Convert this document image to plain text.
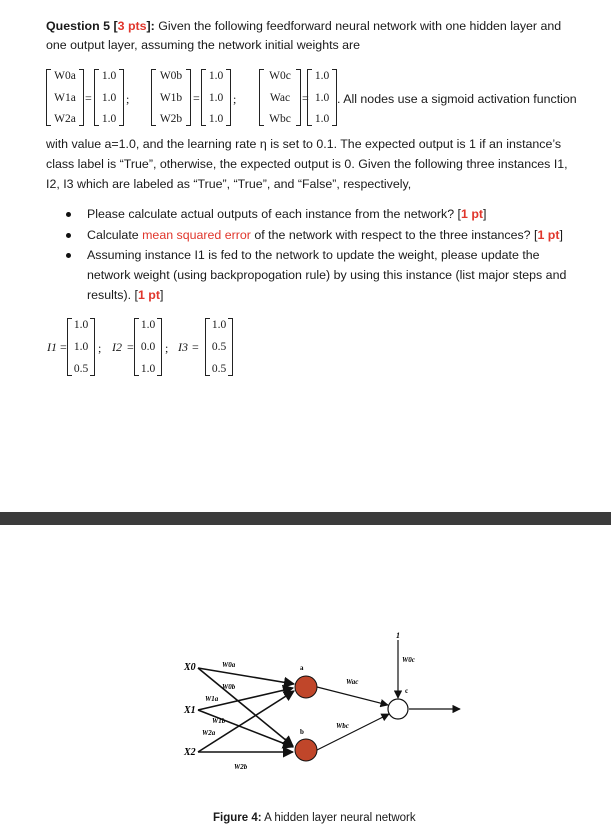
Question 5 [3 pts]: Given the following feedforward neural network with one hidden layer and
one output layer, assuming the network initial weights are
W0a
W1a
W2a
=
1.0
1.0
1.0
;
W0b
W1b
W2b
=
1.0
1.0
1.0
;
W0c
Wac
Wbc
=
1.0
1.0
1.0
. All nodes use a sigmoid activation function
with value a=1.0, and the learning rate η is set to 0.1. The expected output is 1 if an instance’s
class label is “True”, otherwise, the expected output is 0. Given the following three instances I1,
I2, I3 which are labeled as “True”, “True”, and “False”, respectively,
Please calculate actual outputs of each instance from the network? [1 pt]
Calculate mean squared error of the network with respect to the three instances? [1 pt]
Assuming instance I1 is fed to the network to update the weight, please update the
network weight (using backpropogation rule) by using this instance (list major steps and
results). [1 pt]
I1 =
1.0
1.0
0.5
; I2 =
1.0
0.0
1.0
; I3 =
1.0
0.5
0.5
X0
X1
X2
W0a
W0b
W1a
W1b
W2a
W2b
a
b
Wac
Wbc
W0c
1
c
Figure 4: A hidden layer neural network
